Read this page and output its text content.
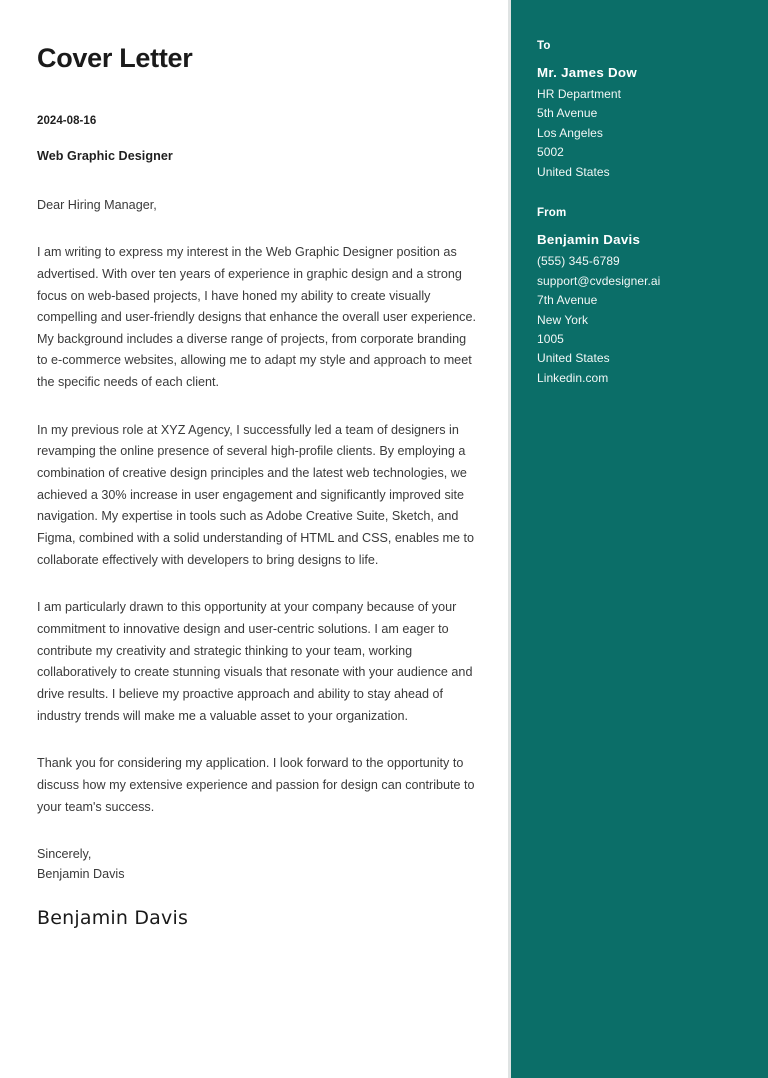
Cover Letter
2024-08-16
Web Graphic Designer
Dear Hiring Manager,

I am writing to express my interest in the Web Graphic Designer position as advertised. With over ten years of experience in graphic design and a strong focus on web-based projects, I have honed my ability to create visually compelling and user-friendly designs that enhance the overall user experience. My background includes a diverse range of projects, from corporate branding to e-commerce websites, allowing me to adapt my style and approach to meet the specific needs of each client.

In my previous role at XYZ Agency, I successfully led a team of designers in revamping the online presence of several high-profile clients. By employing a combination of creative design principles and the latest web technologies, we achieved a 30% increase in user engagement and significantly improved site navigation. My expertise in tools such as Adobe Creative Suite, Sketch, and Figma, combined with a solid understanding of HTML and CSS, enables me to collaborate effectively with developers to bring designs to life.

I am particularly drawn to this opportunity at your company because of your commitment to innovative design and user-centric solutions. I am eager to contribute my creativity and strategic thinking to your team, working collaboratively to create stunning visuals that resonate with your audience and drive results. I believe my proactive approach and ability to stay ahead of industry trends will make me a valuable asset to your organization.

Thank you for considering my application. I look forward to the opportunity to discuss how my extensive experience and passion for design can contribute to your team's success.

Sincerely,
Benjamin Davis
Benjamin Davis
To
Mr. James Dow
HR Department
5th Avenue
Los Angeles
5002
United States
From
Benjamin Davis
(555) 345-6789
support@cvdesigner.ai
7th Avenue
New York
1005
United States
Linkedin.com
